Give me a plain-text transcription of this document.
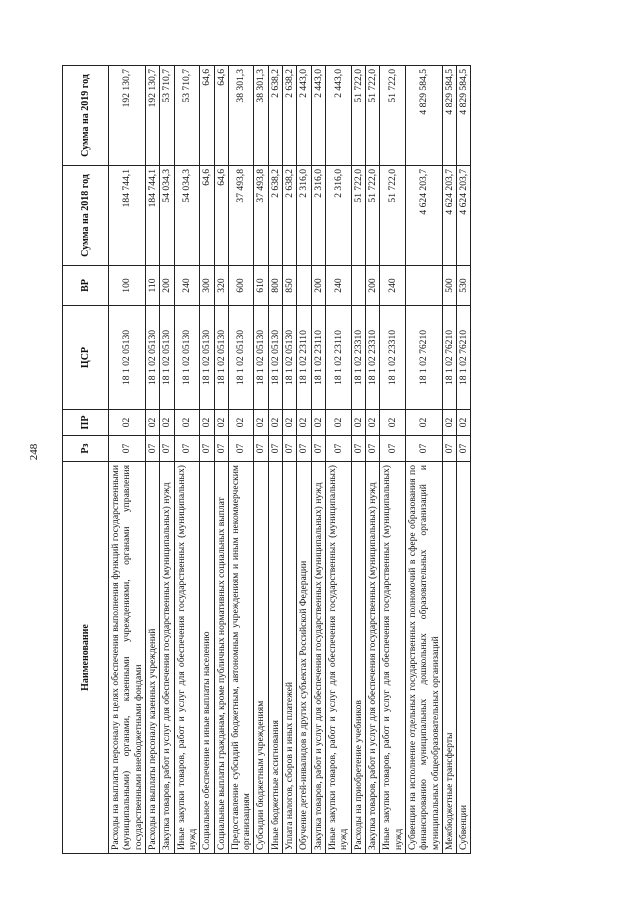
248
Наименование	Рз	ПР	ЦСР	ВР	Сумма на 2018 год	Сумма на 2019 год
Расходы на выплаты персоналу в целях обеспечения выполнения функций государственными (муниципальными) органами, казенными учреждениями, органами управления государственными внебюджетными фондами	07	02	18 1 02 05130	100	184 744,1	192 130,7
Расходы на выплаты персоналу казенных учреждений	07	02	18 1 02 05130	110	184 744,1	192 130,7
Закупка товаров, работ и услуг для обеспечения государственных (муниципальных) нужд	07	02	18 1 02 05130	200	54 034,3	53 710,7
Иные закупки товаров, работ и услуг для обеспечения государственных (муниципальных) нужд	07	02	18 1 02 05130	240	54 034,3	53 710,7
Социальное обеспечение и иные выплаты населению	07	02	18 1 02 05130	300	64,6	64,6
Социальные выплаты гражданам, кроме публичных нормативных социальных выплат	07	02	18 1 02 05130	320	64,6	64,6
Предоставление субсидий бюджетным, автономным учреждениям и иным некоммерческим организациям	07	02	18 1 02 05130	600	37 493,8	38 301,3
Субсидии бюджетным учреждениям	07	02	18 1 02 05130	610	37 493,8	38 301,3
Иные бюджетные ассигнования	07	02	18 1 02 05130	800	2 638,2	2 638,2
Уплата налогов, сборов и иных платежей	07	02	18 1 02 05130	850	2 638,2	2 638,2
Обучение детей-инвалидов в других субъектах Российской Федерации	07	02	18 1 02 23110		2 316,0	2 443,0
Закупка товаров, работ и услуг для обеспечения государственных (муниципальных) нужд	07	02	18 1 02 23110	200	2 316,0	2 443,0
Иные закупки товаров, работ и услуг для обеспечения государственных (муниципальных) нужд	07	02	18 1 02 23110	240	2 316,0	2 443,0
Расходы на приобретение учебников	07	02	18 1 02 23310		51 722,0	51 722,0
Закупка товаров, работ и услуг для обеспечения государственных (муниципальных) нужд	07	02	18 1 02 23310	200	51 722,0	51 722,0
Иные закупки товаров, работ и услуг для обеспечения государственных (муниципальных) нужд	07	02	18 1 02 23310	240	51 722,0	51 722,0
Субвенции на исполнение отдельных государственных полномочий в сфере образования по финансированию муниципальных дошкольных образовательных организаций и муниципальных общеобразовательных организаций	07	02	18 1 02 76210		4 624 203,7	4 829 584,5
Межбюджетные трансферты	07	02	18 1 02 76210	500	4 624 203,7	4 829 584,5
Субвенции	07	02	18 1 02 76210	530	4 624 203,7	4 829 584,5
